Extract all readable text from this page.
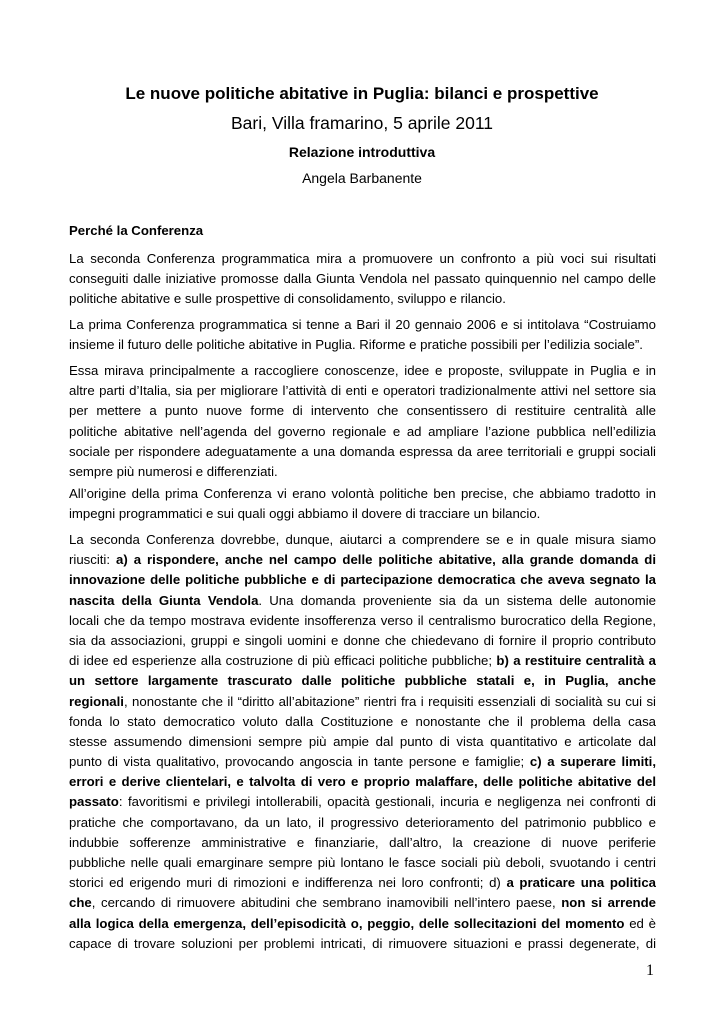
Le nuove politiche abitative in Puglia: bilanci e prospettive
Bari, Villa framarino, 5 aprile 2011
Relazione introduttiva
Angela Barbanente
Perché la Conferenza
La seconda Conferenza programmatica mira a promuovere un confronto a più voci sui risultati
conseguiti dalle iniziative promosse dalla Giunta Vendola nel passato quinquennio nel campo delle
politiche abitative e sulle prospettive di consolidamento, sviluppo e rilancio.
La prima Conferenza programmatica si tenne a Bari il 20 gennaio 2006 e si intitolava “Costruiamo
insieme il futuro delle politiche abitative in Puglia. Riforme e pratiche possibili per l’edilizia sociale”.
Essa mirava principalmente a raccogliere conoscenze, idee e proposte, sviluppate in Puglia e in
altre parti d’Italia, sia per migliorare l’attività di enti e operatori tradizionalmente attivi nel settore sia
per mettere a punto nuove forme di intervento che consentissero di restituire centralità alle
politiche abitative nell’agenda del governo regionale e ad ampliare l’azione pubblica nell’edilizia
sociale per rispondere adeguatamente a una domanda espressa da aree territoriali e gruppi sociali
sempre più numerosi e differenziati.
All’origine della prima Conferenza vi erano volontà politiche ben precise, che abbiamo tradotto in
impegni programmatici e sui quali oggi abbiamo il dovere di tracciare un bilancio.
La seconda Conferenza dovrebbe, dunque, aiutarci a comprendere se e in quale misura siamo
riusciti: a) a rispondere, anche nel campo delle politiche abitative, alla grande domanda di
innovazione delle politiche pubbliche e di partecipazione democratica che aveva segnato la
nascita della Giunta Vendola. Una domanda proveniente sia da un sistema delle autonomie
locali che da tempo mostrava evidente insofferenza verso il centralismo burocratico della Regione,
sia da associazioni, gruppi e singoli uomini e donne che chiedevano di fornire il proprio contributo
di idee ed esperienze alla costruzione di più efficaci politiche pubbliche; b) a restituire centralità a
un settore largamente trascurato dalle politiche pubbliche statali e, in Puglia, anche
regionali, nonostante che il “diritto all’abitazione” rientri fra i requisiti essenziali di socialità su cui si
fonda lo stato democratico voluto dalla Costituzione e nonostante che il problema della casa
stesse assumendo dimensioni sempre più ampie dal punto di vista quantitativo e articolate dal
punto di vista qualitativo, provocando angoscia in tante persone e famiglie; c) a superare limiti,
errori e derive clientelari, e talvolta di vero e proprio malaffare, delle politiche abitative del
passato: favoritismi e privilegi intollerabili, opacità gestionali, incuria e negligenza nei confronti di
pratiche che comportavano, da un lato, il progressivo deterioramento del patrimonio pubblico e
indubbie sofferenze amministrative e finanziarie, dall’altro, la creazione di nuove periferie
pubbliche nelle quali emarginare sempre più lontano le fasce sociali più deboli, svuotando i centri
storici ed erigendo muri di rimozioni e indifferenza nei loro confronti; d) a praticare una politica
che, cercando di rimuovere abitudini che sembrano inamovibili nell’intero paese, non si arrende
alla logica della emergenza, dell’episodicità o, peggio, delle sollecitazioni del momento ed è
capace di trovare soluzioni per problemi intricati, di rimuovere situazioni e prassi degenerate, di
1
